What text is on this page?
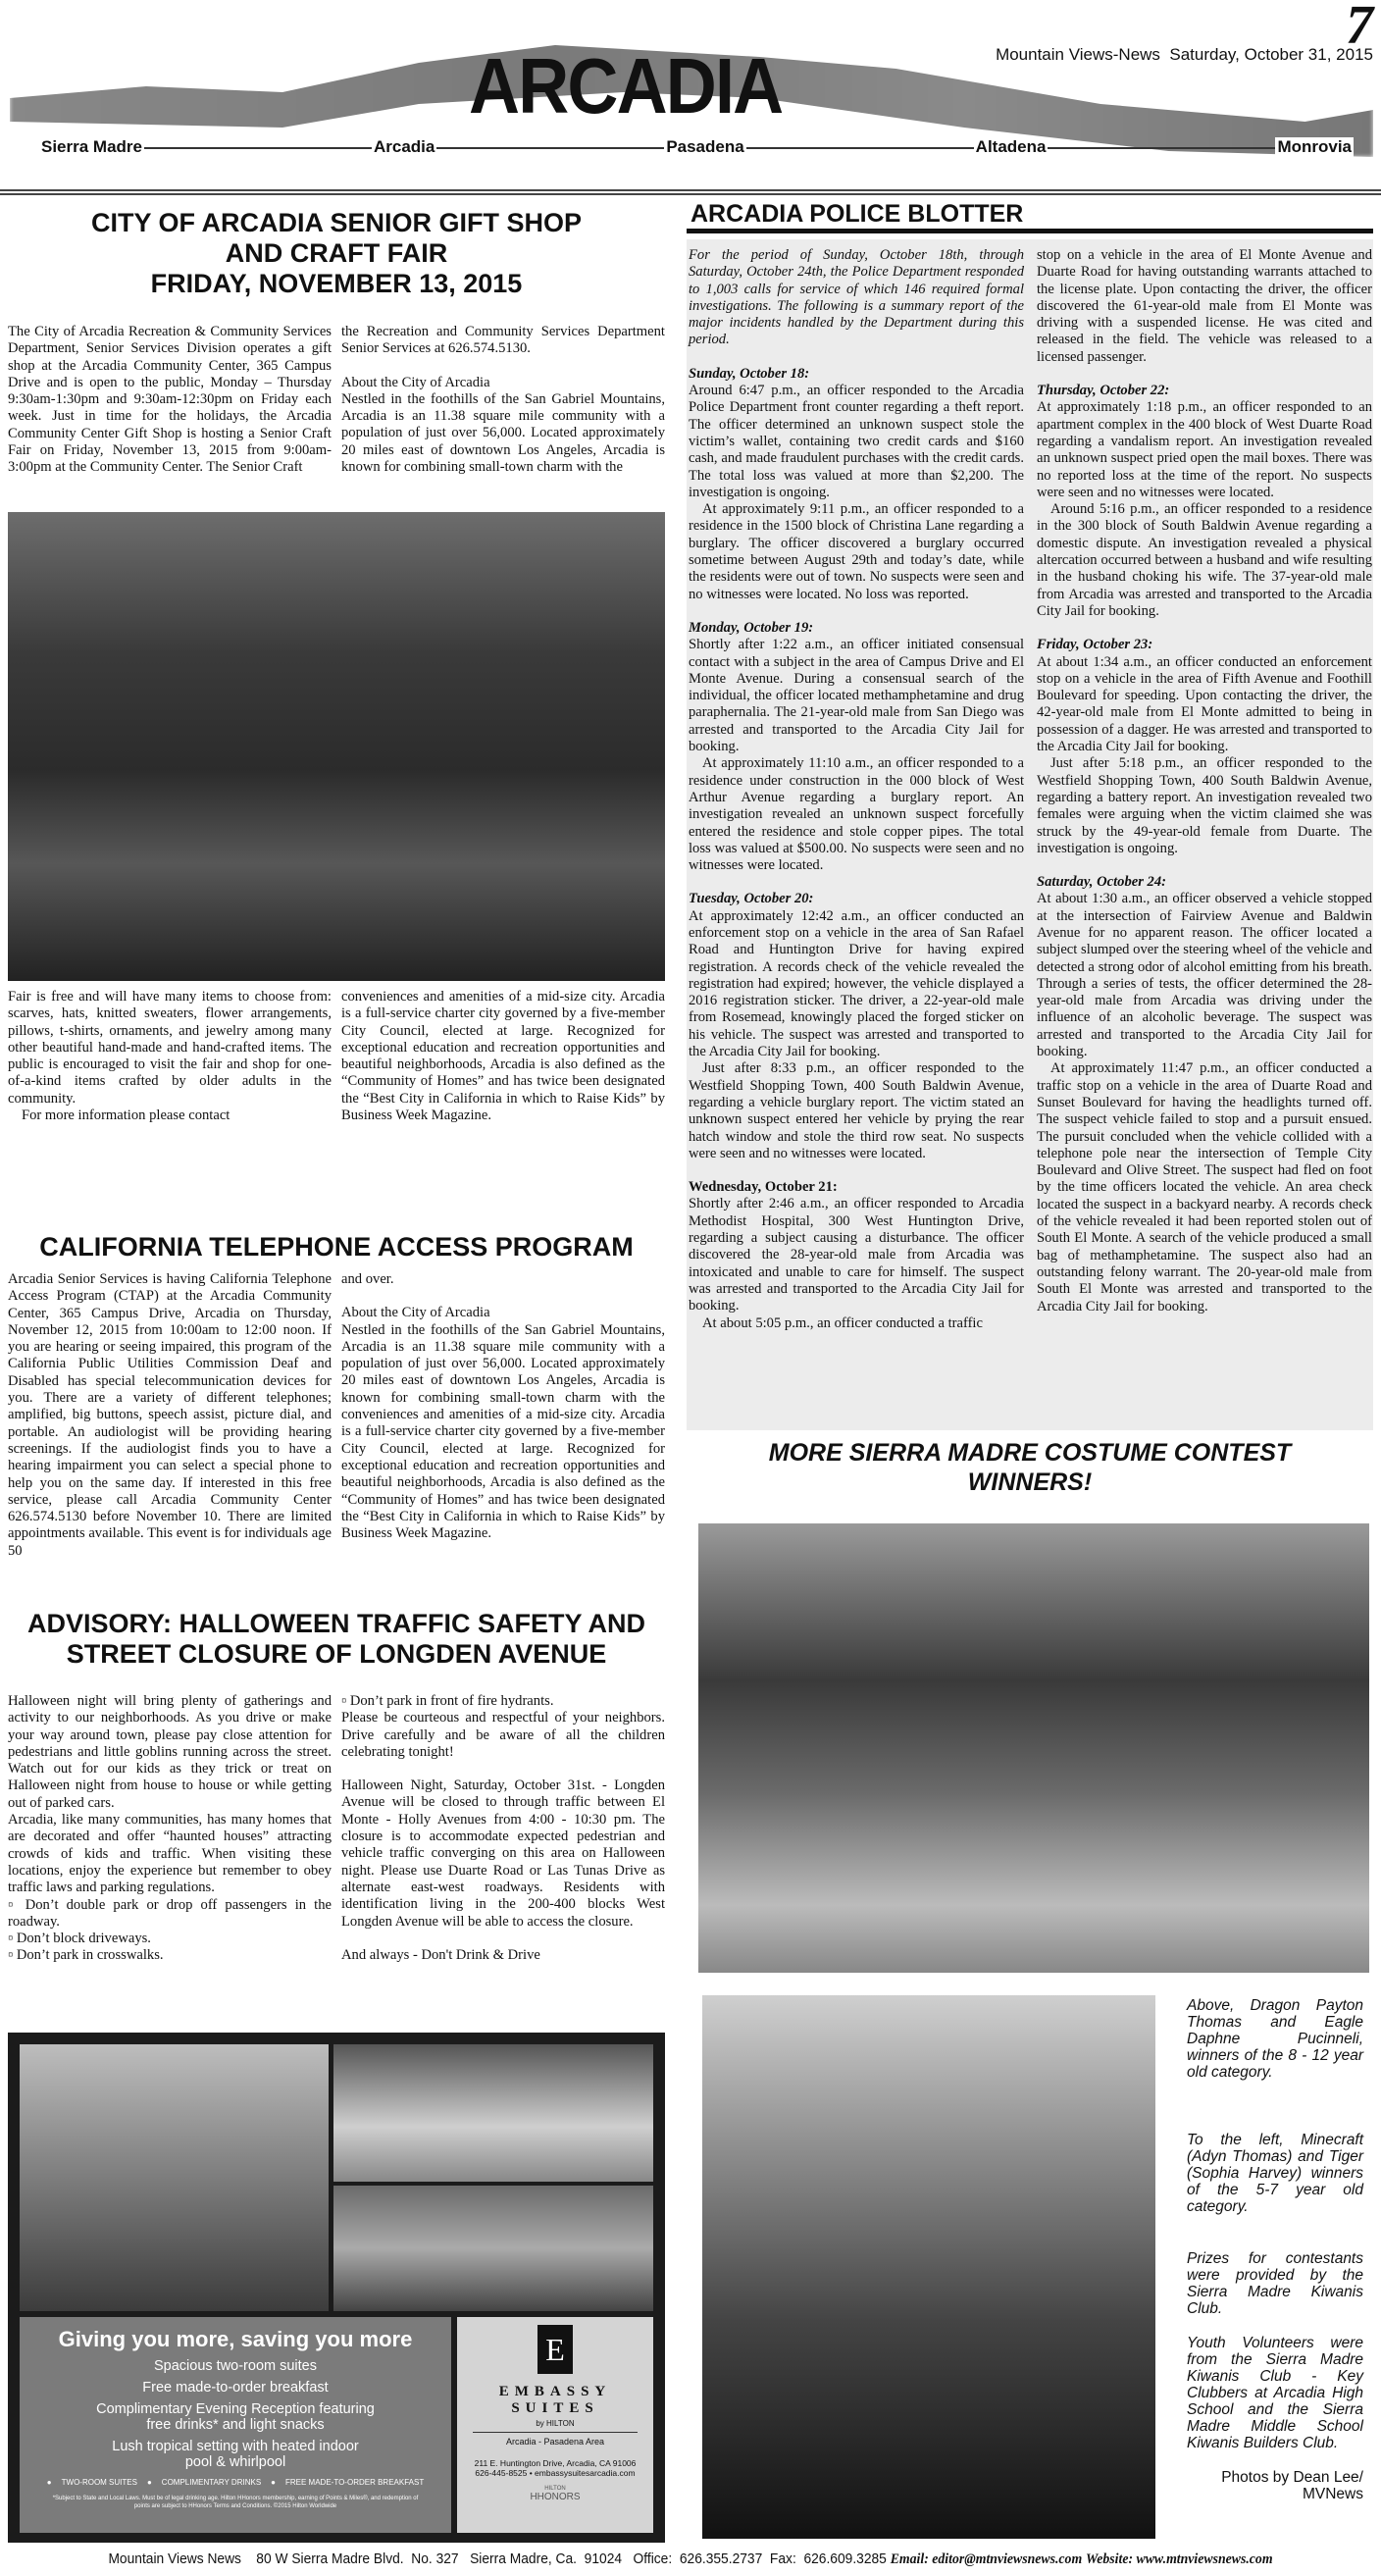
ARCADIA
7
Mountain Views-News Saturday, October 31, 2015
Sierra Madre	Arcadia	Pasadena	Altadena	Monrovia
CITY OF ARCADIA SENIOR GIFT SHOP
AND CRAFT FAIR
FRIDAY, NOVEMBER 13, 2015

The City of Arcadia Recreation & Community Services Department, Senior Services Division operates a gift shop at the Arcadia Community Center, 365 Campus Drive and is open to the public, Monday – Thursday 9:30am-1:30pm and 9:30am-12:30pm on Friday each week. Just in time for the holidays, the Arcadia Community Center Gift Shop is hosting a Senior Craft Fair on Friday, November 13, 2015 from 9:00am-3:00pm at the Community Center. The Senior Craft

the Recreation and Community Services Department Senior Services at 626.574.5130.

About the City of Arcadia

Nestled in the foothills of the San Gabriel Mountains, Arcadia is an 11.38 square mile community with a population of just over 56,000. Located approximately 20 miles east of downtown Los Angeles, Arcadia is known for combining small-town charm with the

Fair is free and will have many items to choose from: scarves, hats, knitted sweaters, flower arrangements, pillows, t-shirts, ornaments, and jewelry among many other beautiful hand-made and hand-crafted items. The public is encouraged to visit the fair and shop for one-of-a-kind items crafted by older adults in the community.

For more information please contact

conveniences and amenities of a mid-size city. Arcadia is a full-service charter city governed by a five-member City Council, elected at large. Recognized for exceptional education and recreation opportunities and beautiful neighborhoods, Arcadia is also defined as the “Community of Homes” and has twice been designated the “Best City in California in which to Raise Kids” by Business Week Magazine.

CALIFORNIA TELEPHONE ACCESS PROGRAM

Arcadia Senior Services is having California Telephone Access Program (CTAP) at the Arcadia Community Center, 365 Campus Drive, Arcadia on Thursday, November 12, 2015 from 10:00am to 12:00 noon. If you are hearing or seeing impaired, this program of the California Public Utilities Commission Deaf and Disabled has special telecommunication devices for you. There are a variety of different telephones; amplified, big buttons, speech assist, picture dial, and portable. An audiologist will be providing hearing screenings. If the audiologist finds you to have a hearing impairment you can select a special phone to help you on the same day. If interested in this free service, please call Arcadia Community Center 626.574.5130 before November 10. There are limited appointments available. This event is for individuals age 50

and over.

About the City of Arcadia

Nestled in the foothills of the San Gabriel Mountains, Arcadia is an 11.38 square mile community with a population of just over 56,000. Located approximately 20 miles east of downtown Los Angeles, Arcadia is known for combining small-town charm with the conveniences and amenities of a mid-size city. Arcadia is a full-service charter city governed by a five-member City Council, elected at large. Recognized for exceptional education and recreation opportunities and beautiful neighborhoods, Arcadia is also defined as the “Community of Homes” and has twice been designated the “Best City in California in which to Raise Kids” by Business Week Magazine.

ADVISORY: HALLOWEEN TRAFFIC SAFETY AND
STREET CLOSURE OF LONGDEN AVENUE

Halloween night will bring plenty of gatherings and activity to our neighborhoods. As you drive or make your way around town, please pay close attention for pedestrians and little goblins running across the street. Watch out for our kids as they trick or treat on Halloween night from house to house or while getting out of parked cars.

Arcadia, like many communities, has many homes that are decorated and offer “haunted houses” attracting crowds of kids and traffic. When visiting these locations, enjoy the experience but remember to obey traffic laws and parking regulations.

▫ Don’t double park or drop off passengers in the roadway.

▫ Don’t block driveways.

▫ Don’t park in crosswalks.

▫ Don’t park in front of fire hydrants.

Please be courteous and respectful of your neighbors. Drive carefully and be aware of all the children celebrating tonight!

Halloween Night, Saturday, October 31st. - Longden Avenue will be closed to through traffic between El Monte - Holly Avenues from 4:00 - 10:30 pm. The closure is to accommodate expected pedestrian and vehicle traffic converging on this area on Halloween night. Please use Duarte Road or Las Tunas Drive as alternate east-west roadways. Residents with identification living in the 200-400 blocks West Longden Avenue will be able to access the closure.

And always - Don't Drink & Drive

Giving you more, saving you more
Spacious two-room suites
Free made-to-order breakfast
Complimentary Evening Reception featuring free drinks* and light snacks
Lush tropical setting with heated indoor pool & whirlpool
● TWO-ROOM SUITES ● COMPLIMENTARY DRINKS ● FREE MADE-TO-ORDER BREAKFAST
*Subject to State and Local Laws. Must be of legal drinking age. Hilton HHonors membership, earning of Points & Miles®, and redemption of points are subject to HHonors Terms and Conditions. ©2015 Hilton Worldwide
E
EMBASSY
SUITES
by HILTON
Arcadia - Pasadena Area
211 E. Huntington Drive, Arcadia, CA 91006
626-445-8525 • embassysuitesarcadia.com
HILTON
HHONORS
ARCADIA POLICE BLOTTER

For the period of Sunday, October 18th, through Saturday, October 24th, the Police Department responded to 1,003 calls for service of which 146 required formal investigations. The following is a summary report of the major incidents handled by the Department during this period.

Sunday, October 18:

Around 6:47 p.m., an officer responded to the Arcadia Police Department front counter regarding a theft report. The officer determined an unknown suspect stole the victim’s wallet, containing two credit cards and $160 cash, and made fraudulent purchases with the credit cards. The total loss was valued at more than $2,200. The investigation is ongoing.

At approximately 9:11 p.m., an officer responded to a residence in the 1500 block of Christina Lane regarding a burglary. The officer discovered a burglary occurred sometime between August 29th and today’s date, while the residents were out of town. No suspects were seen and no witnesses were located. No loss was reported.

Monday, October 19:

Shortly after 1:22 a.m., an officer initiated consensual contact with a subject in the area of Campus Drive and El Monte Avenue. During a consensual search of the individual, the officer located methamphetamine and drug paraphernalia. The 21-year-old male from San Diego was arrested and transported to the Arcadia City Jail for booking.

At approximately 11:10 a.m., an officer responded to a residence under construction in the 000 block of West Arthur Avenue regarding a burglary report. An investigation revealed an unknown suspect forcefully entered the residence and stole copper pipes. The total loss was valued at $500.00. No suspects were seen and no witnesses were located.

Tuesday, October 20:

At approximately 12:42 a.m., an officer conducted an enforcement stop on a vehicle in the area of San Rafael Road and Huntington Drive for having expired registration. A records check of the vehicle revealed the registration had expired; however, the vehicle displayed a 2016 registration sticker. The driver, a 22-year-old male from Rosemead, knowingly placed the forged sticker on his vehicle. The suspect was arrested and transported to the Arcadia City Jail for booking.

Just after 8:33 p.m., an officer responded to the Westfield Shopping Town, 400 South Baldwin Avenue, regarding a vehicle burglary report. The victim stated an unknown suspect entered her vehicle by prying the rear hatch window and stole the third row seat. No suspects were seen and no witnesses were located.

Wednesday, October 21:

Shortly after 2:46 a.m., an officer responded to Arcadia Methodist Hospital, 300 West Huntington Drive, regarding a subject causing a disturbance. The officer discovered the 28-year-old male from Arcadia was intoxicated and unable to care for himself. The suspect was arrested and transported to the Arcadia City Jail for booking.

At about 5:05 p.m., an officer conducted a traffic

stop on a vehicle in the area of El Monte Avenue and Duarte Road for having outstanding warrants attached to the license plate. Upon contacting the driver, the officer discovered the 61-year-old male from El Monte was driving with a suspended license. He was cited and released in the field. The vehicle was released to a licensed passenger.

Thursday, October 22:

At approximately 1:18 p.m., an officer responded to an apartment complex in the 400 block of West Duarte Road regarding a vandalism report. An investigation revealed an unknown suspect pried open the mail boxes. There was no reported loss at the time of the report. No suspects were seen and no witnesses were located.

Around 5:16 p.m., an officer responded to a residence in the 300 block of South Baldwin Avenue regarding a domestic dispute. An investigation revealed a physical altercation occurred between a husband and wife resulting in the husband choking his wife. The 37-year-old male from Arcadia was arrested and transported to the Arcadia City Jail for booking.

Friday, October 23:

At about 1:34 a.m., an officer conducted an enforcement stop on a vehicle in the area of Fifth Avenue and Foothill Boulevard for speeding. Upon contacting the driver, the 42-year-old male from El Monte admitted to being in possession of a dagger. He was arrested and transported to the Arcadia City Jail for booking.

Just after 5:18 p.m., an officer responded to the Westfield Shopping Town, 400 South Baldwin Avenue, regarding a battery report. An investigation revealed two females were arguing when the victim claimed she was struck by the 49-year-old female from Duarte. The investigation is ongoing.

Saturday, October 24:

At about 1:30 a.m., an officer observed a vehicle stopped at the intersection of Fairview Avenue and Baldwin Avenue for no apparent reason. The officer located a subject slumped over the steering wheel of the vehicle and detected a strong odor of alcohol emitting from his breath. Through a series of tests, the officer determined the 28-year-old male from Arcadia was driving under the influence of an alcoholic beverage. The suspect was arrested and transported to the Arcadia City Jail for booking.

At approximately 11:47 p.m., an officer conducted a traffic stop on a vehicle in the area of Duarte Road and Sunset Boulevard for having the headlights turned off. The suspect vehicle failed to stop and a pursuit ensued. The pursuit concluded when the vehicle collided with a telephone pole near the intersection of Temple City Boulevard and Olive Street. The suspect had fled on foot by the time officers located the vehicle. An area check located the suspect in a backyard nearby. A records check of the vehicle revealed it had been reported stolen out of South El Monte. A search of the vehicle produced a small bag of methamphetamine. The suspect also had an outstanding felony warrant. The 20-year-old male from South El Monte was arrested and transported to the Arcadia City Jail for booking.

MORE SIERRA MADRE COSTUME CONTEST
WINNERS!

Above, Dragon Payton Thomas and Eagle Daphne Pucinneli, winners of the 8 - 12 year old category.

To the left, Minecraft (Adyn Thomas) and Tiger (Sophia Harvey) winners of the 5-7 year old category.

Prizes for contestants were provided by the Sierra Madre Kiwanis Club.

Youth Volunteers were from the Sierra Madre Kiwanis Club - Key Clubbers at Arcadia High School and the Sierra Madre Middle School Kiwanis Builders Club.

Photos by Dean Lee/
MVNews

Mountain Views News    80 W Sierra Madre Blvd.  No. 327   Sierra Madre, Ca.  91024   Office:  626.355.2737  Fax:  626.609.3285 Email: editor@mtnviewsnews.com Website: www.mtnviewsnews.com
